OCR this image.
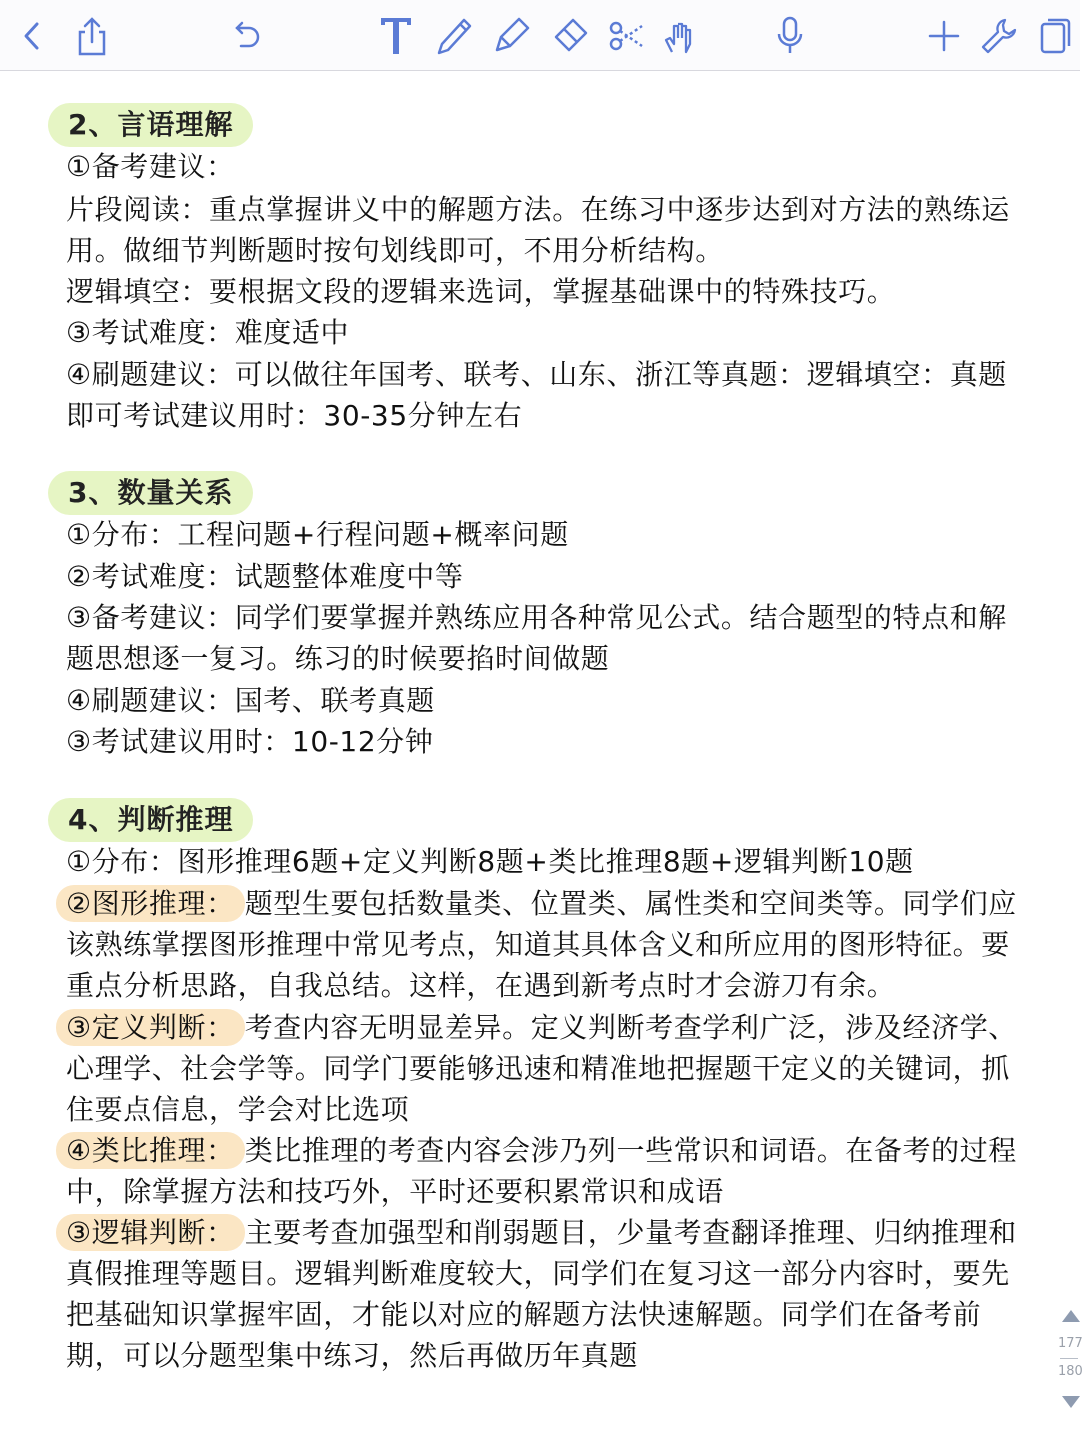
2、言语理解
①备考建议：
片段阅读：重点掌握讲义中的解题方法。在练习中逐步达到对方法的熟练运
用。做细节判断题时按句划线即可，不用分析结构。
逻辑填空：要根据文段的逻辑来选词，掌握基础课中的特殊技巧。
③考试难度：难度适中
④刷题建议：可以做往年国考、联考、山东、浙江等真题：逻辑填空：真题
即可考试建议用时：30-35分钟左右
3、数量关系
①分布：工程问题+行程问题+概率问题
②考试难度：试题整体难度中等
③备考建议：同学们要掌握并熟练应用各种常见公式。结合题型的特点和解
题思想逐一复习。练习的时候要掐时间做题
④刷题建议：国考、联考真题
③考试建议用时：10-12分钟
4、判断推理
①分布：图形推理6题+定义判断8题+类比推理8题+逻辑判断10题
②图形推理： 题型生要包括数量类、位置类、属性类和空间类等。同学们应
该熟练掌摆图形推理中常见考点，知道其具体含义和所应用的图形特征。要
重点分析思路，自我总结。这样，在遇到新考点时才会游刀有余。
③定义判断： 考查内容无明显差异。定义判断考查学利广泛，涉及经济学、
心理学、社会学等。同学门要能够迅速和精准地把握题干定义的关键词，抓
住要点信息，学会对比选项
④类比推理： 类比推理的考查内容会涉乃列一些常识和词语。在备考的过程
中，除掌握方法和技巧外，平时还要积累常识和成语
③逻辑判断： 主要考查加强型和削弱题目，少量考查翻译推理、归纳推理和
真假推理等题目。逻辑判断难度较大，同学们在复习这一部分内容时，要先
把基础知识掌握牢固，才能以对应的解题方法快速解题。同学们在备考前
期，可以分题型集中练习，然后再做历年真题	177
180
